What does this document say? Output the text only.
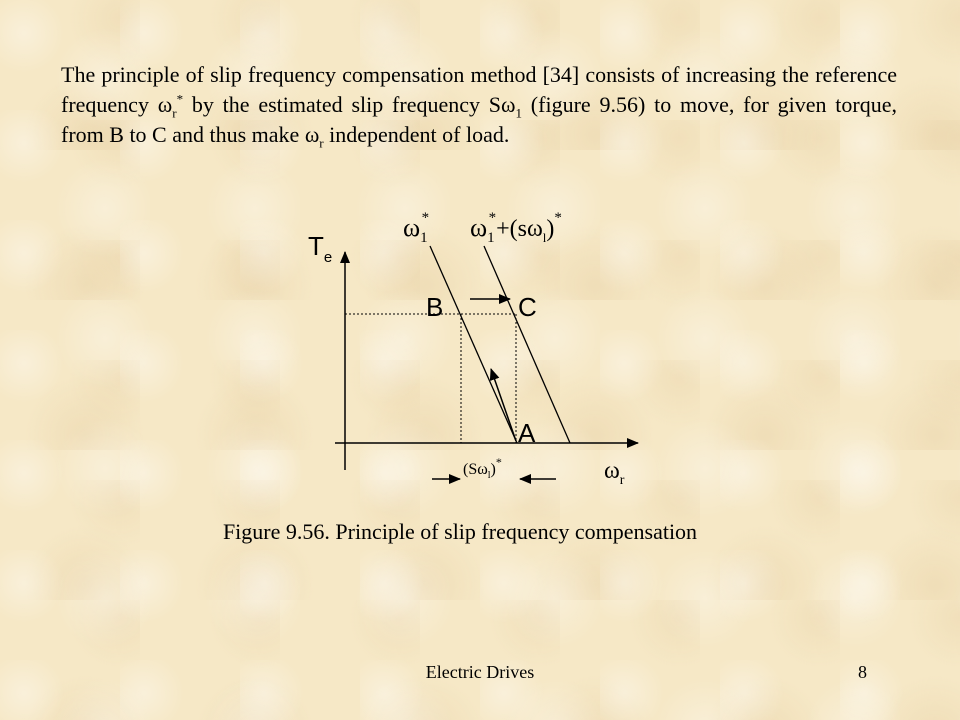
The principle of slip frequency compensation method [34] consists of increasing the reference frequency $\omega_r^*$ by the estimated slip frequency $S\omega_1$ (figure 9.56) to move, for given torque, from B to C and thus make $\omega_r$ independent of load.

$T_e$
$\omega_r$
$\omega_1*$ $\omega_1*+(s\omega_l)^*$
B	C
A
$(S\omega_l)^*$
Figure 9.56. Principle of slip frequency compensation
Electric Drives	8
